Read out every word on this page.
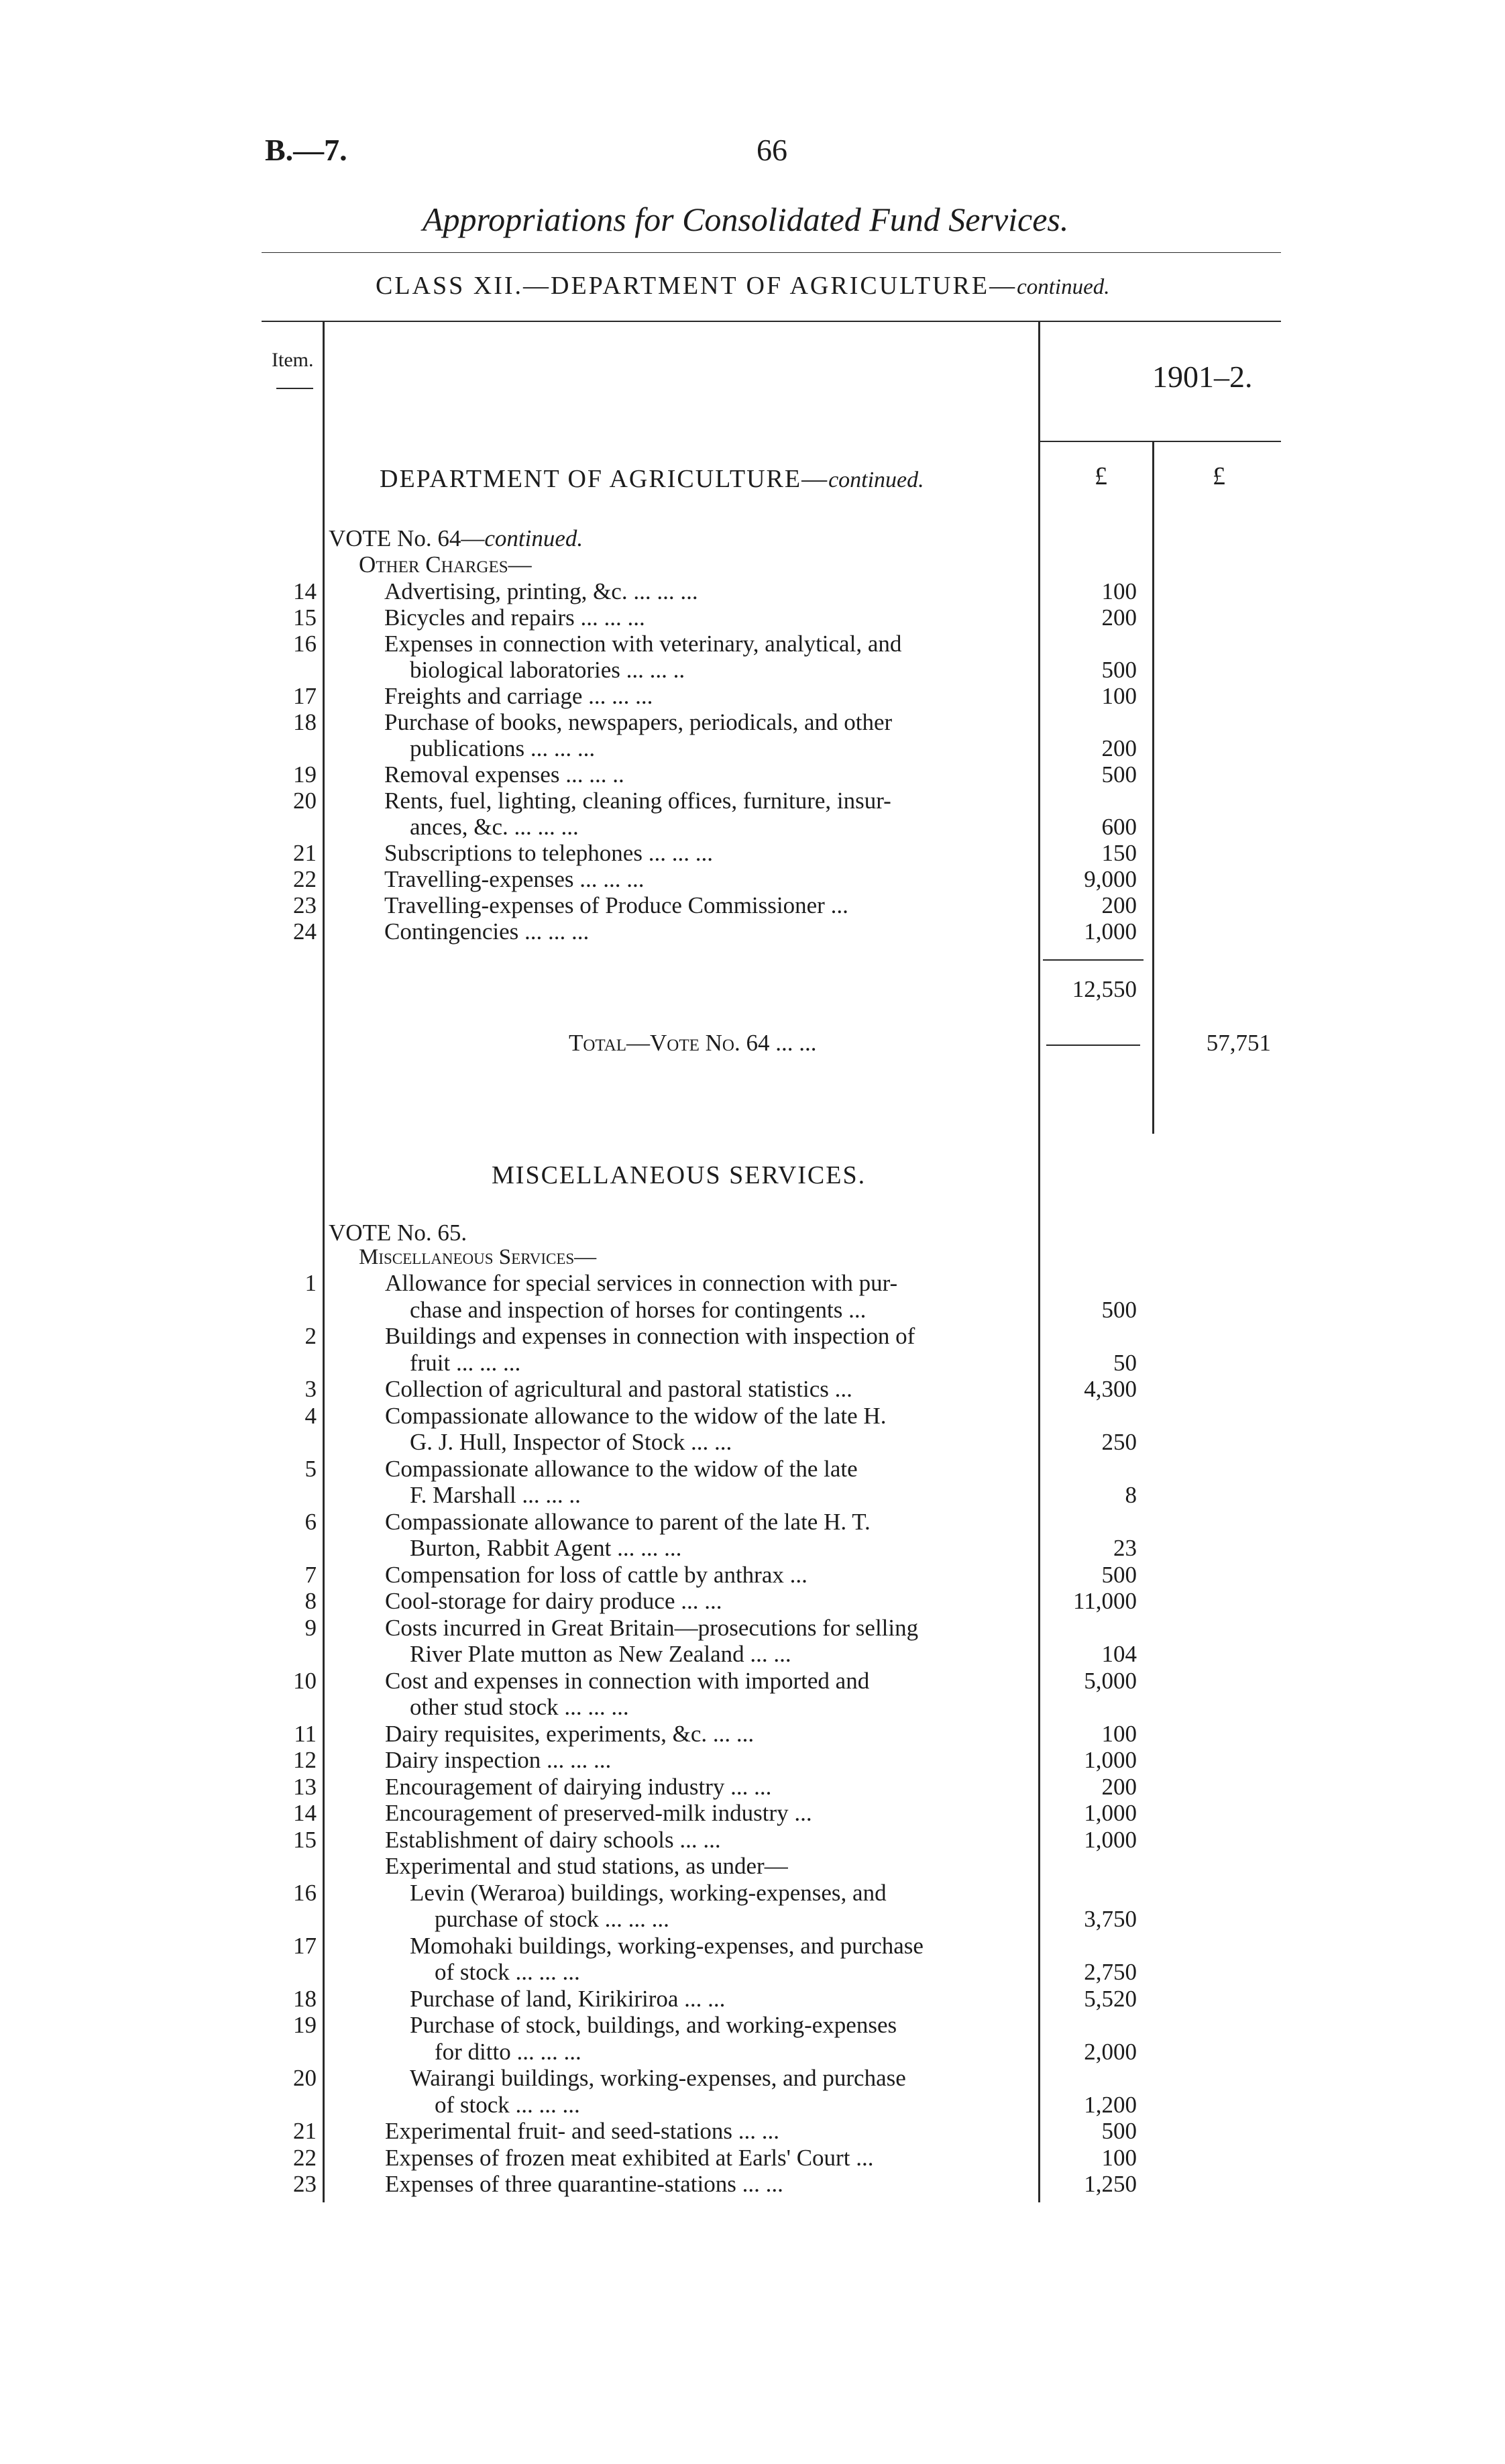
B.—7.	66
Appropriations for Consolidated Fund Services.
CLASS XII.—DEPARTMENT OF AGRICULTURE—continued.
Item.	1901–2.
£	£
DEPARTMENT OF AGRICULTURE—continued.
VOTE No. 64—continued.
Other Charges—
14	Advertising, printing, &c. ... ... ...	100
15	Bicycles and repairs ... ... ...	200
16	Expenses in connection with veterinary, analytical, and
biological laboratories ... ... ..	500
17	Freights and carriage ... ... ...	100
18	Purchase of books, newspapers, periodicals, and other
publications ... ... ...	200
19	Removal expenses ... ... ..	500
20	Rents, fuel, lighting, cleaning offices, furniture, insur-
ances, &c. ... ... ...	600
21	Subscriptions to telephones ... ... ...	150
22	Travelling-expenses ... ... ...	9,000
23	Travelling-expenses of Produce Commissioner ...	200
24	Contingencies ... ... ...	1,000
12,550
Total—Vote No. 64 ... ...	57,751
MISCELLANEOUS SERVICES.
VOTE No. 65.
Miscellaneous Services—
1	Allowance for special services in connection with pur-
chase and inspection of horses for contingents ...	500
2	Buildings and expenses in connection with inspection of
fruit ... ... ...	50
3	Collection of agricultural and pastoral statistics ...	4,300
4	Compassionate allowance to the widow of the late H.
G. J. Hull, Inspector of Stock ... ...	250
5	Compassionate allowance to the widow of the late
F. Marshall ... ... ..	8
6	Compassionate allowance to parent of the late H. T.
Burton, Rabbit Agent ... ... ...	23
7	Compensation for loss of cattle by anthrax ...	500
8	Cool-storage for dairy produce ... ...	11,000
9	Costs incurred in Great Britain—prosecutions for selling
River Plate mutton as New Zealand ... ...	104
10	Cost and expenses in connection with imported and	5,000
other stud stock ... ... ...
11	Dairy requisites, experiments, &c. ... ...	100
12	Dairy inspection ... ... ...	1,000
13	Encouragement of dairying industry ... ...	200
14	Encouragement of preserved-milk industry ...	1,000
15	Establishment of dairy schools ... ...	1,000
Experimental and stud stations, as under—
16	Levin (Weraroa) buildings, working-expenses, and
purchase of stock ... ... ...	3,750
17	Momohaki buildings, working-expenses, and purchase
of stock ... ... ...	2,750
18	Purchase of land, Kirikiriroa ... ...	5,520
19	Purchase of stock, buildings, and working-expenses
for ditto ... ... ...	2,000
20	Wairangi buildings, working-expenses, and purchase
of stock ... ... ...	1,200
21	Experimental fruit- and seed-stations ... ...	500
22	Expenses of frozen meat exhibited at Earls' Court ...	100
23	Expenses of three quarantine-stations ... ...	1,250
